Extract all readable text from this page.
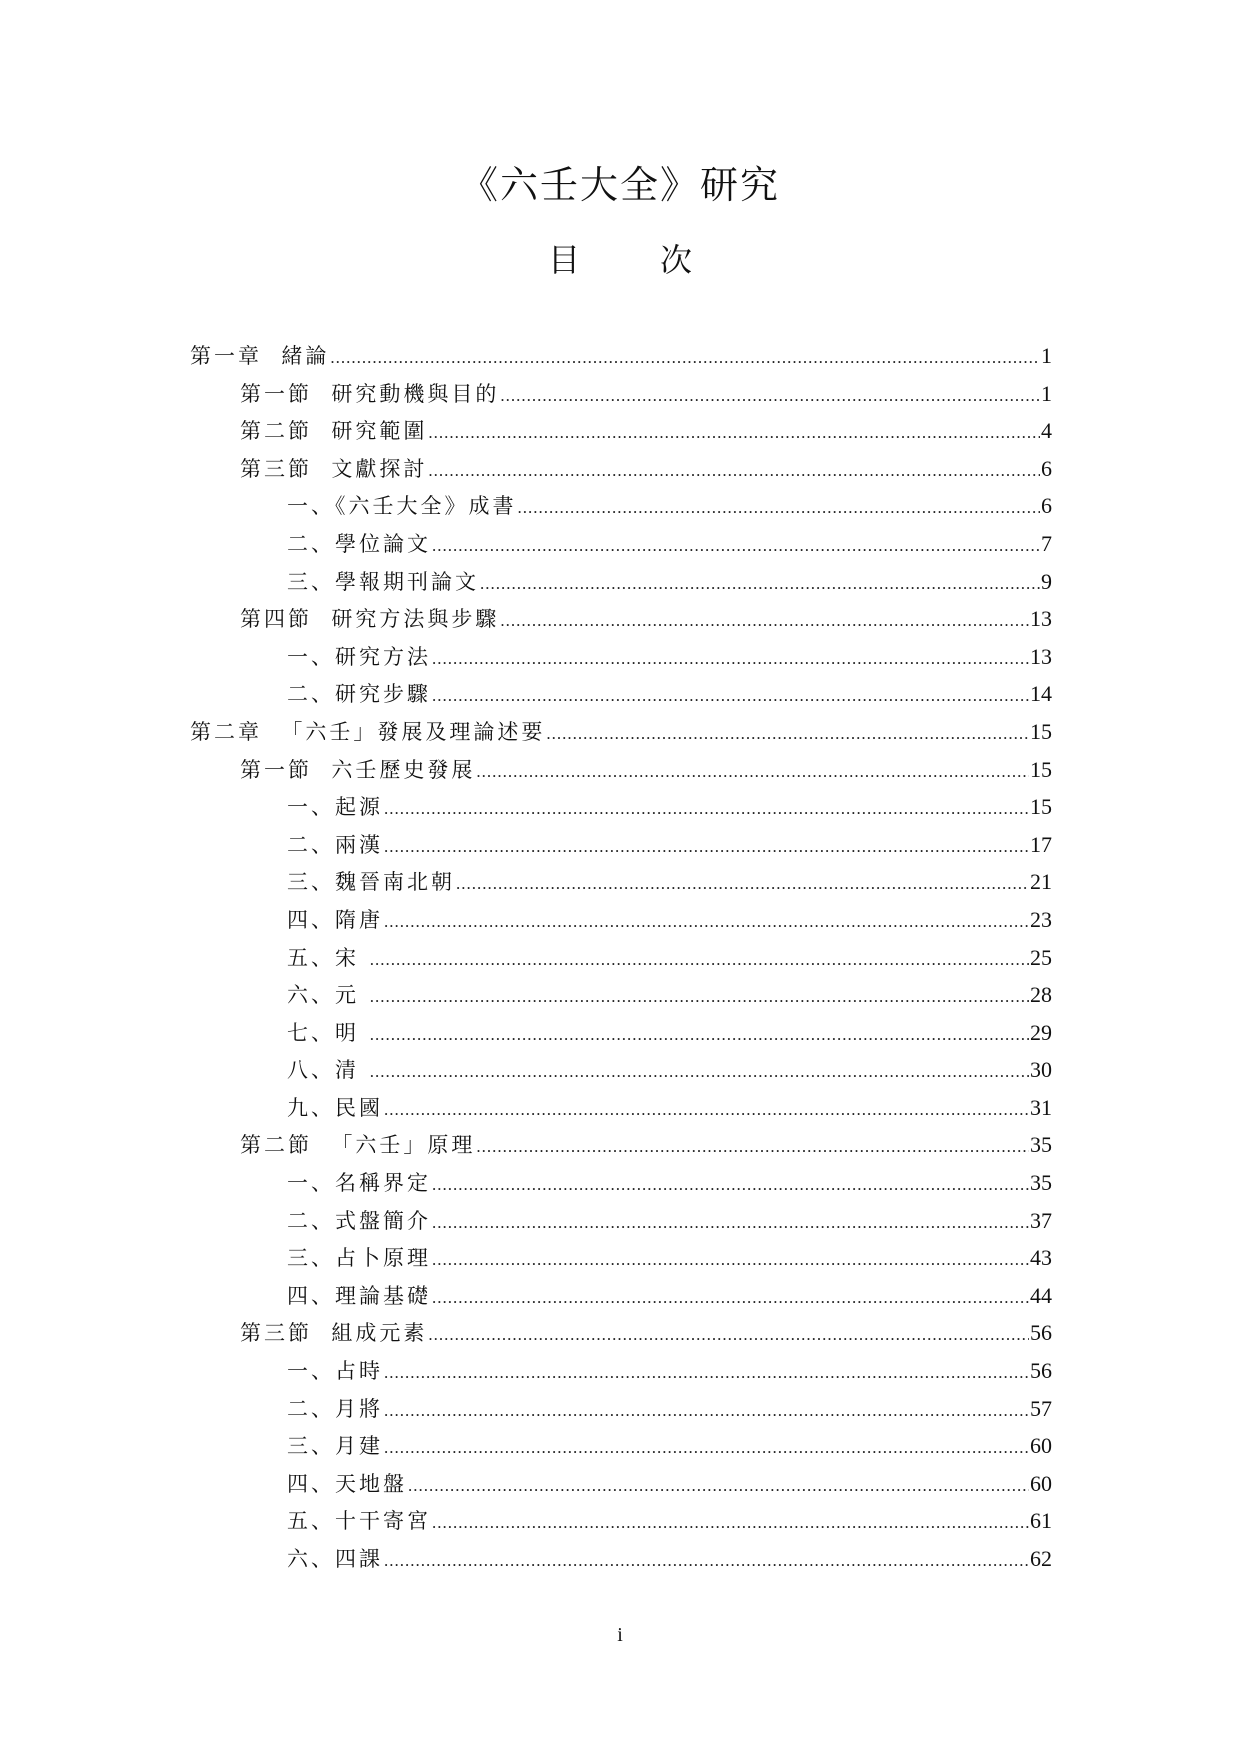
《六壬大全》研究
目	次
第一章  緒論 .....	1
第一節  研究動機與目的 .....	1
第二節  研究範圍 .....	4
第三節  文獻探討 .....	6
一、《六壬大全》成書 .....	6
二、學位論文 .....	7
三、學報期刊論文 .....	9
第四節  研究方法與步驟 .....	13
一、研究方法 .....	13
二、研究步驟 .....	14
第二章  「六壬」發展及理論述要 .....	15
第一節  六壬歷史發展 .....	15
一、起源 .....	15
二、兩漢 .....	17
三、魏晉南北朝 .....	21
四、隋唐 .....	23
五、宋 .....	25
六、元 .....	28
七、明 .....	29
八、清 .....	30
九、民國 .....	31
第二節  「六壬」原理 .....	35
一、名稱界定 .....	35
二、式盤簡介 .....	37
三、占卜原理 .....	43
四、理論基礎 .....	44
第三節  組成元素 .....	56
一、占時 .....	56
二、月將 .....	57
三、月建 .....	60
四、天地盤 .....	60
五、十干寄宮 .....	61
六、四課 .....	62
i
